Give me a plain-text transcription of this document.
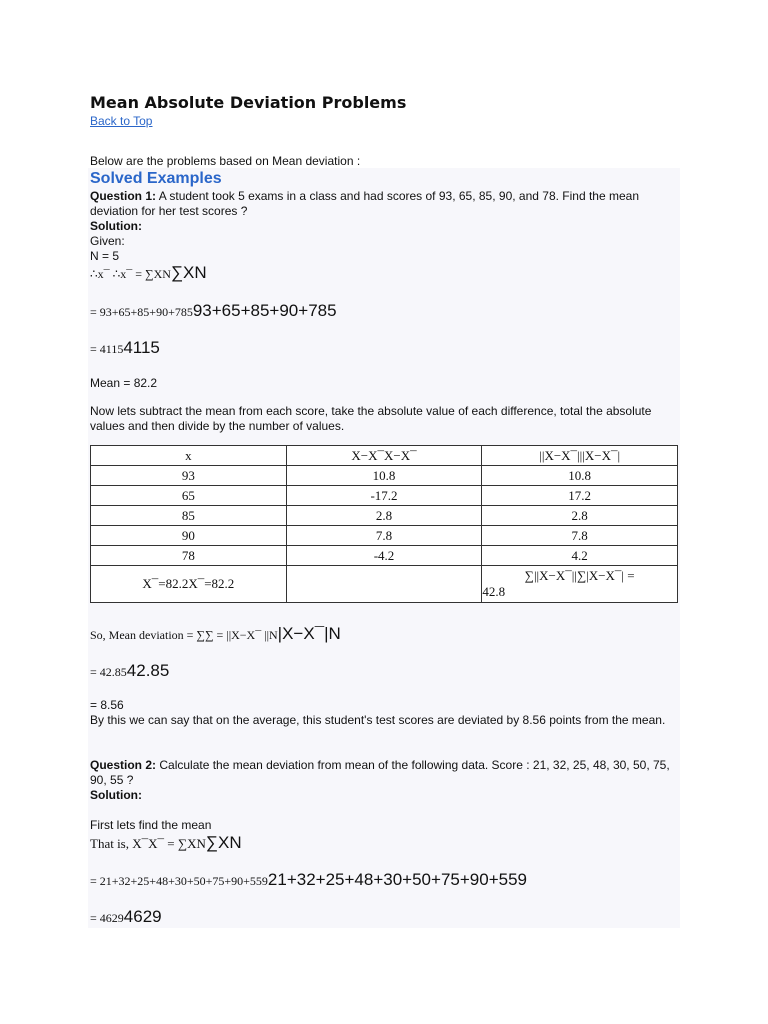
Mean Absolute Deviation Problems
Back to Top
Below are the problems based on Mean deviation :
Solved Examples
Question 1: A student took 5 exams in a class and had scores of 93, 65, 85, 90, and 78. Find the mean deviation for her test scores ?
Solution:
Given:
N = 5
∴x¯ ∴x¯ = ∑XN∑XN
= 93+65+85+90+78593+65+85+90+785
= 41154115
Mean = 82.2
Now lets subtract the mean from each score, take the absolute value of each difference, total the absolute values and then divide by the number of values.
x	X−X¯X−X¯	||X−X¯|||X−X¯|
93	10.8	10.8
65	-17.2	17.2
85	2.8	2.8
90	7.8	7.8
78	-4.2	4.2
X¯=82.2X¯=82.2		∑||X−X¯||∑|X−X¯| =
42.8
So, Mean deviation = ∑∑ = ||X−X¯ ||N|X−X¯|N
= 42.8542.85
= 8.56
By this we can say that on the average, this student's test scores are deviated by 8.56 points from the mean.
Question 2: Calculate the mean deviation from mean of the following data. Score : 21, 32, 25, 48, 30, 50, 75, 90, 55 ?
Solution:
First lets find the mean
That is, X¯X¯ = ∑XN∑XN
= 21+32+25+48+30+50+75+90+55921+32+25+48+30+50+75+90+559
= 46294629
